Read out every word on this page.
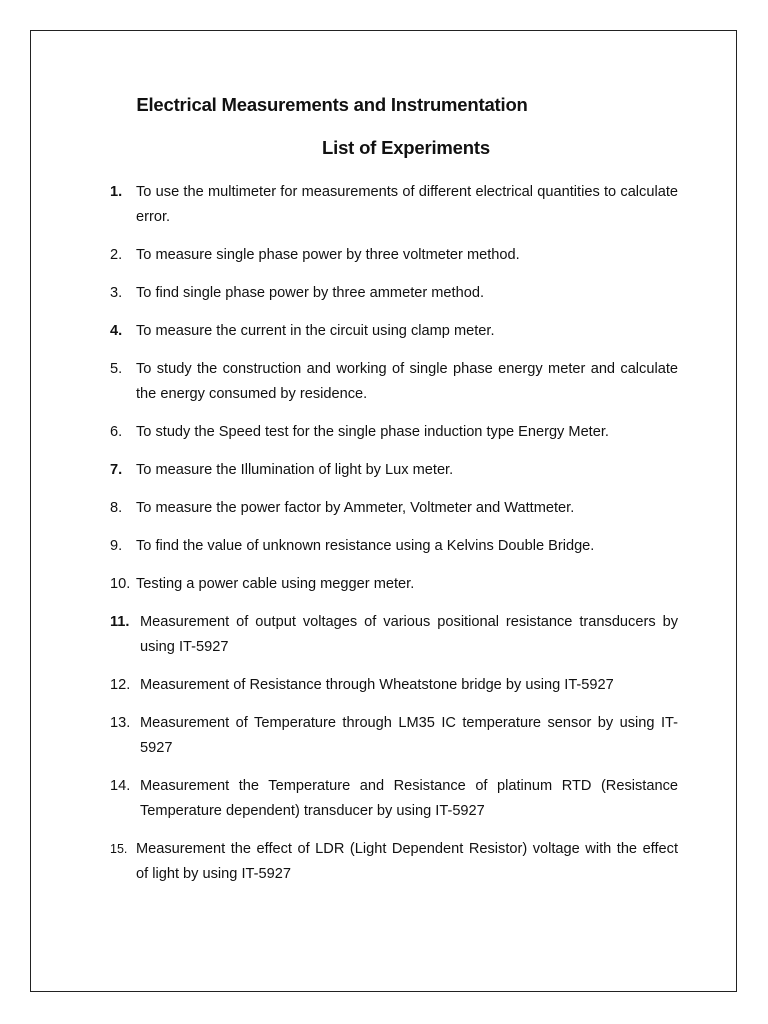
Electrical Measurements and Instrumentation
List of Experiments
1. To use the multimeter for measurements of different electrical quantities to calculate error.
2. To measure single phase power by three voltmeter method.
3. To find single phase power by three ammeter method.
4. To measure the current in the circuit using clamp meter.
5. To study the construction and working of single phase energy meter and calculate the energy consumed by residence.
6. To study the Speed test for the single phase induction type Energy Meter.
7. To measure the Illumination of light by Lux meter.
8. To measure the power factor by Ammeter, Voltmeter and Wattmeter.
9. To find the value of unknown resistance using a Kelvins Double Bridge.
10. Testing a power cable using megger meter.
11. Measurement of output voltages of various positional resistance transducers by using IT-5927
12. Measurement of Resistance through Wheatstone bridge by using IT-5927
13. Measurement of Temperature through LM35 IC temperature sensor by using IT-5927
14. Measurement the Temperature and Resistance of platinum RTD (Resistance Temperature dependent) transducer by using IT-5927
15. Measurement the effect of LDR (Light Dependent Resistor) voltage with the effect of light by using IT-5927
